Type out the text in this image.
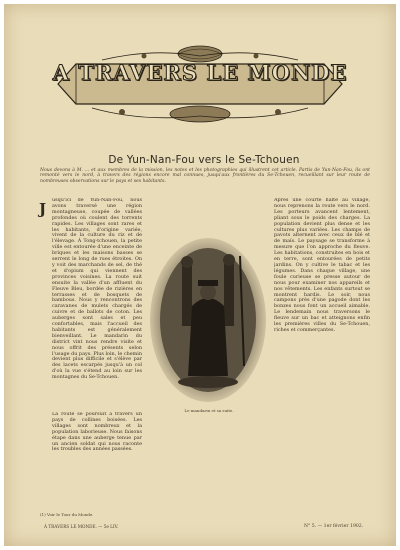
A TRAVERS LE MONDE
De Yun-Nan-Fou vers le Se-Tchouen
Nous devons à M. ... et aux membres de la mission, les notes et les photographies qui illustrent cet article. Partis de Yun-Nan-Fou, ils ont remonté vers le nord, à travers des régions encore mal connues, jusqu'aux frontières du Se-Tchouen, recueillant sur leur route de nombreuses observations sur le pays et ses habitants.
J usqu'ici de Yun-Nan-Fou, nous avons traversé une région montagneuse, coupée de vallées profondes où coulent des torrents rapides. Les villages sont rares et les habitants, d'origine variée, vivent de la culture du riz et de l'élevage. À Tong-tchouen, la petite ville est entourée d'une enceinte de briques et les maisons basses se serrent le long de rues étroites. On y voit des marchands de sel, de thé et d'opium qui viennent des provinces voisines. La route suit ensuite la vallée d'un affluent du Fleuve Bleu, bordée de rizières en terrasses et de bosquets de bambous. Nous y rencontrons des caravanes de mulets chargés de cuivre et de ballots de coton. Les auberges sont sales et peu confortables, mais l'accueil des habitants est généralement bienveillant. Le mandarin du district vint nous rendre visite et nous offrit des présents selon l'usage du pays. Plus loin, le chemin devient plus difficile et s'élève par des lacets escarpés jusqu'à un col d'où la vue s'étend au loin sur les montagnes du Se-Tchouen.
La route se poursuit à travers un pays de collines boisées. Les villages sont nombreux et la population laborieuse. Nous faisons étape dans une auberge tenue par un ancien soldat qui nous raconte les troubles des années passées.
Après une courte halte au village, nous reprenons la route vers le nord. Les porteurs avancent lentement, pliant sous le poids des charges. La population devient plus dense et les cultures plus variées. Les champs de pavots alternent avec ceux de blé et de maïs. Le paysage se transforme à mesure que l'on approche du fleuve. Les habitations, construites en bois et en terre, sont entourées de petits jardins. On y cultive le tabac et les légumes. Dans chaque village, une foule curieuse se presse autour de nous pour examiner nos appareils et nos vêtements. Les enfants surtout se montrent hardis. Le soir, nous campons près d'une pagode dont les bonzes nous font un accueil aimable. Le lendemain nous traversons le fleuve sur un bac et atteignons enfin les premières villes du Se-Tchouen, riches et commerçantes.
Le mandarin et sa suite.
(1) Voir le Tour du Monde.
À TRAVERS LE MONDE. — 5e LIV.	N° 5. — 1er février 1902.
